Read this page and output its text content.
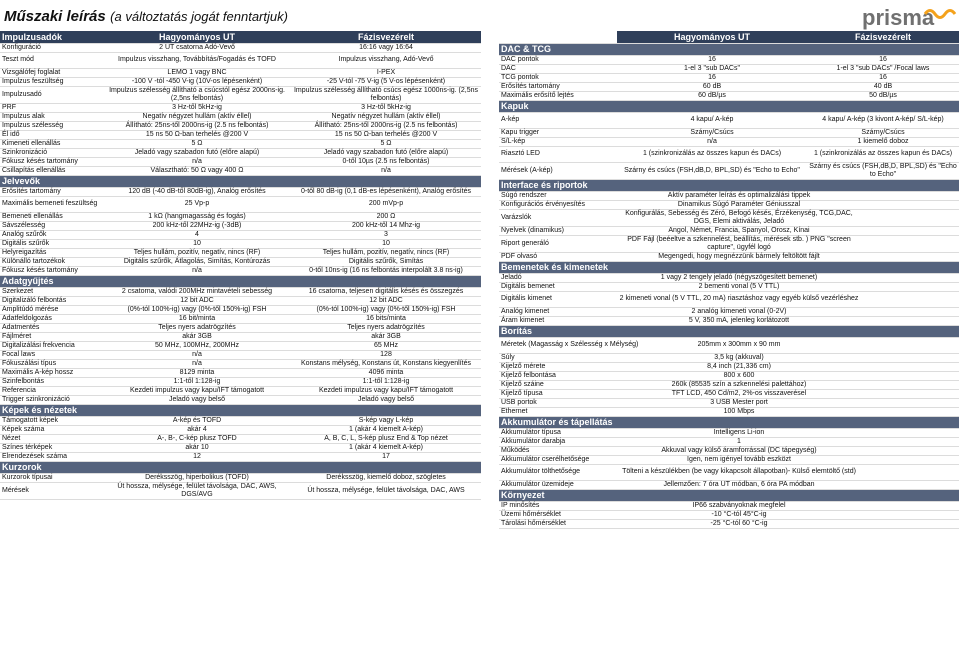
Műszaki leírás (a változtatás jogát fenntartjuk)	prisma
Impulzusadók	Hagyományos UT	Fázisvezérelt
Konfiguráció	2 UT csatorna Adó-Vevő	16:16 vagy 16:64
Teszt mód	Impulzus visszhang, Továbbítás/Fogadás és TOFD	Impulzus visszhang, Adó-Vevő
Vizsgálófej foglalat	LEMO 1 vagy BNC	I-PEX
Impulzus feszültség	-100 V -tól -450 V-ig (10V-os lépésenként)	-25 V-tól -75 V-ig (5 V-os lépésenként)
Impulzusadó	Impulzus szélesség állítható a csúcstól egész 2000ns-ig. (2,5ns felbontás)	Impulzus szélesség állítható csúcs egész 1000ns-ig. (2,5ns felbontás)
PRF	3 Hz-től 5kHz-ig	3 Hz-től 5kHz-ig
Impulzus alak	Negatív négyzet hullám (aktív éllel)	Negatív négyzet hullám (aktív éllel)
Impulzus szélesség	Állítható: 25ns-től 2000ns-ig (2.5 ns felbontás)	Állítható: 25ns-től 2000ns-ig (2.5 ns felbontás)
Él idő	15 ns 50 Ω-ban terhelés @200 V	15 ns 50 Ω-ban terhelés @200 V
Kimeneti ellenállás	5 Ω	5 Ω
Szinkronizáció	Jeladó vagy szabadon futó (előre alapú)	Jeladó vagy szabadon futó (előre alapú)
Fókusz késés tartomány	n/a	0-től 10µs (2.5 ns felbontás)
Csillapítás ellenállás	Választható: 50 Ω vagy 400 Ω	n/a
Jelvevők		
Erősítés tartomány	120 dB (-40 dB-től 80dB-ig), Analóg erősítés	0-től 80 dB-ig (0,1 dB-es lépésenként), Analóg erősítés
Maximális bemeneti feszültség	25 Vp-p	200 mVp-p
Bemeneti ellenállás	1 kΩ (hangmagasság és fogás)	200 Ω
Sávszélesség	200 kHz-től 22MHz-ig (-3dB)	200 kHz-től 14 Mhz-ig
Analóg szűrők	4	3
Digitális szűrők	10	10
Helyreigazítás	Teljes hullám, pozitív, negatív, nincs (RF)	Teljes hullám, pozitív, negatív, nincs (RF)
Különálló tartozékok	Digitális szűrők, Átlagolás, Simítás, Kontúrozás	Digitális szűrők, Simítás
Fókusz késés tartomány	n/a	0-től 10ns-ig (16 ns felbontás interpolált 3.8 ns-ig)
Adatgyűjtés		
Szerkezet	2 csatorna, valódi 200MHz mintavételi sebesség	16 csatorna, teljesen digitális késés és összegzés
Digitalizáló felbontás	12 bit ADC	12 bit ADC
Amplitúdó mérése	(0%-tól 100%-ig) vagy (0%-től 150%-ig) FSH	(0%-tól 100%-ig) vagy (0%-től 150%-ig) FSH
Adatfeldolgozás	16 bit/minta	16 bits/minta
Adatmentés	Teljes nyers adatrögzítés	Teljes nyers adatrögzítés
Fájlméret	akár 3GB	akár 3GB
Digitalizálási frekvencia	50 MHz, 100MHz, 200MHz	65 MHz
Focal laws	n/a	128
Fókuszálási típus	n/a	Konstans mélység, Konstans út, Konstans kiegyenlítés
Maximális A-kép hossz	8129 minta	4096 minta
Szinfelbontás	1:1-től 1:128-ig	1:1-től 1:128-ig
Referencia	Kezdeti impulzus vagy kapu/IFT támogatott	Kezdeti impulzus vagy kapu/IFT támogatott
Trigger szinkronizáció	Jeladó vagy belső	Jeladó vagy belső
Képek és nézetek		
Támogatott képek	A-kép és TOFD	S-kép vagy L-kép
Képek száma	akár 4	1 (akár 4 kiemelt A-kép)
Nézet	A-, B-, C-kép plusz TOFD	A, B, C, L, S-kép plusz End & Top nézet
Színes térképek	akár 10	1 (akár 4 kiemelt A-kép)
Elrendezések száma	12	17
Kurzorok		
Kurzorok típusai	Deréksszög, hiperbolikus (TOFD)	Deréksszög, kiemelő doboz, szögletes
Mérések	Út hossza, mélysége, felület távolsága, DAC, AWS, DGS/AVG	Út hossza, mélysége, felület távolsága, DAC, AWS
	Hagyományos UT	Fázisvezérelt
DAC & TCG		
DAC pontok	16	16
DAC	1-el 3 "sub DACs"	1-el 3 "sub DACs" /Focal laws
TCG pontok	16	16
Erősítés tartomány	60 dB	40 dB
Maximális erősítő lejtés	60 dB/µs	50 dB/µs
Kapuk		
A-kép	4 kapu/ A-kép	4 kapu/ A-kép (3 kivont A-kép/ S/L-kép)
Kapu trigger	Szárny/Csúcs	Szárny/Csúcs
S/L-kép	n/a	1 kiemelő doboz
Riasztó LED	1 (szinkronizálás az összes kapun és DACs)	1 (szinkronizálás az összes kapun és DACs)
Mérések (A-kép)	Szárny és csúcs (FSH,dB,D, BPL,SD) és "Echo to Echo"	Szárny és csúcs (FSH,dB,D, BPL,SD) és "Echo to Echo"
Interface és riportok		
Súgó rendszer	Aktív paraméter leírás és optimalizálási tippek	
Konfigurációs érvényesítés	Dinamikus Súgó Paraméter Géniusszal	
Varázslók	Konfigurálás, Sebesség és Zéró, Befogó késés, Érzékenység, TCG,DAC, DGS, Elemi aktiválás, Jeladó	
Nyelvek (dinamikus)	Angol, Német, Francia, Spanyol, Orosz, Kínai	
Riport generáló	PDF Fájl (beéeltve a szkennelést, beállítás, mérések stb. ) PNG "screen capture", ügyfél logó	
PDF olvasó	Megengedi, hogy megnézzünk bármely feltöltött fájlt	
Bemenetek és kimenetek		
Jeladó	1 vagy 2 tengely jeladó (négyszögesített bemenet)	
Digitális bemenet	2 bementi vonal (5 V TTL)	
Digitális kimenet	2 kimeneti vonal (5 V TTL, 20 mA) riasztáshoz vagy egyéb külső vezérléshez	
Analóg kimenet	2 analóg kimeneti vonal (0-2V)	
Áram kimenet	5 V, 350 mA, jelenleg korlátozott	
Borítás		
Méretek (Magasság x Szélesség x Mélység)	205mm x 300mm x 90 mm	
Súly	3,5 kg (akkuval)	
Kijelző mérete	8,4 inch (21,336 cm)	
Kijelző felbontása	800 x 600	
Kijelző száine	260k (85535 szín a szkennelési palettához)	
Kijelző típusa	TFT LCD, 450 Cd/m2, 2%-os visszaverésel	
USB portok	3 USB Mester port	
Ethernet	100 Mbps	
Akkumulátor és tápellátás		
Akkumulátor típusa	Intelligens Li-ion	
Akkumulátor darabja	1	
Működés	Akkuval vagy külső áramforrással (DC tápegység)	
Akkumulátor cserélhetősége	Igen, nem igényel tovább eszközt	
Akkumulátor tölthetősége	Tölteni a készülékben (be vagy kikapcsolt állapotban)- Külső elemtöltő (std)	
Akkumulátor üzemideje	Jellemzően: 7 óra UT módban, 6 óra PA módban	
Környezet		
IP minősítés	IP66 szabványoknak megfelel	
Üzemi hőmérséklet	-10 °C-tól 45°C-ig	
Tárolási hőmérséklet	-25 °C-tól 60 °C-ig	
